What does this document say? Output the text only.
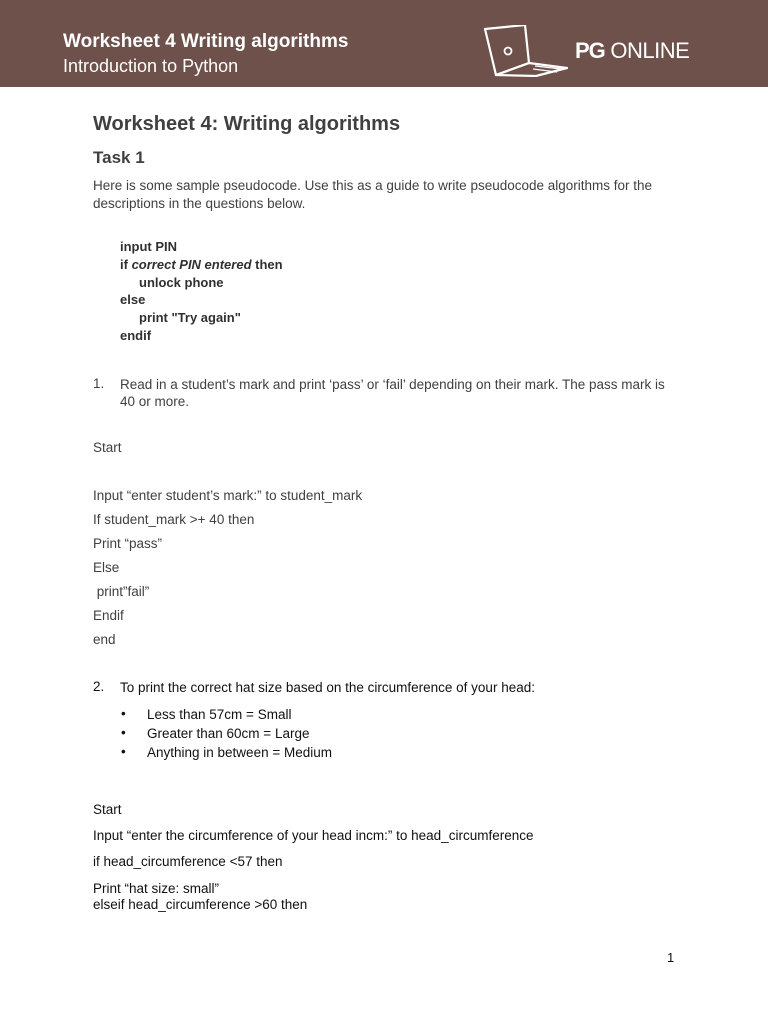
Worksheet 4 Writing algorithms
Introduction to Python
PG ONLINE
Worksheet 4: Writing algorithms
Task 1
Here is some sample pseudocode. Use this as a guide to write pseudocode algorithms for the descriptions in the questions below.
input PIN
if correct PIN entered then
unlock phone
else
print "Try again"
endif
1. Read in a student’s mark and print ‘pass’ or ‘fail’ depending on their mark. The pass mark is 40 or more.
Start
Input “enter student’s mark:” to student_mark
If student_mark >+ 40 then
Print “pass”
Else
print”fail”
Endif
end
2. To print the correct hat size based on the circumference of your head:
• Less than 57cm = Small
• Greater than 60cm = Large
• Anything in between = Medium
Start
Input “enter the circumference of your head incm:” to head_circumference
if head_circumference <57 then
Print “hat size: small”
elseif head_circumference >60 then
1
